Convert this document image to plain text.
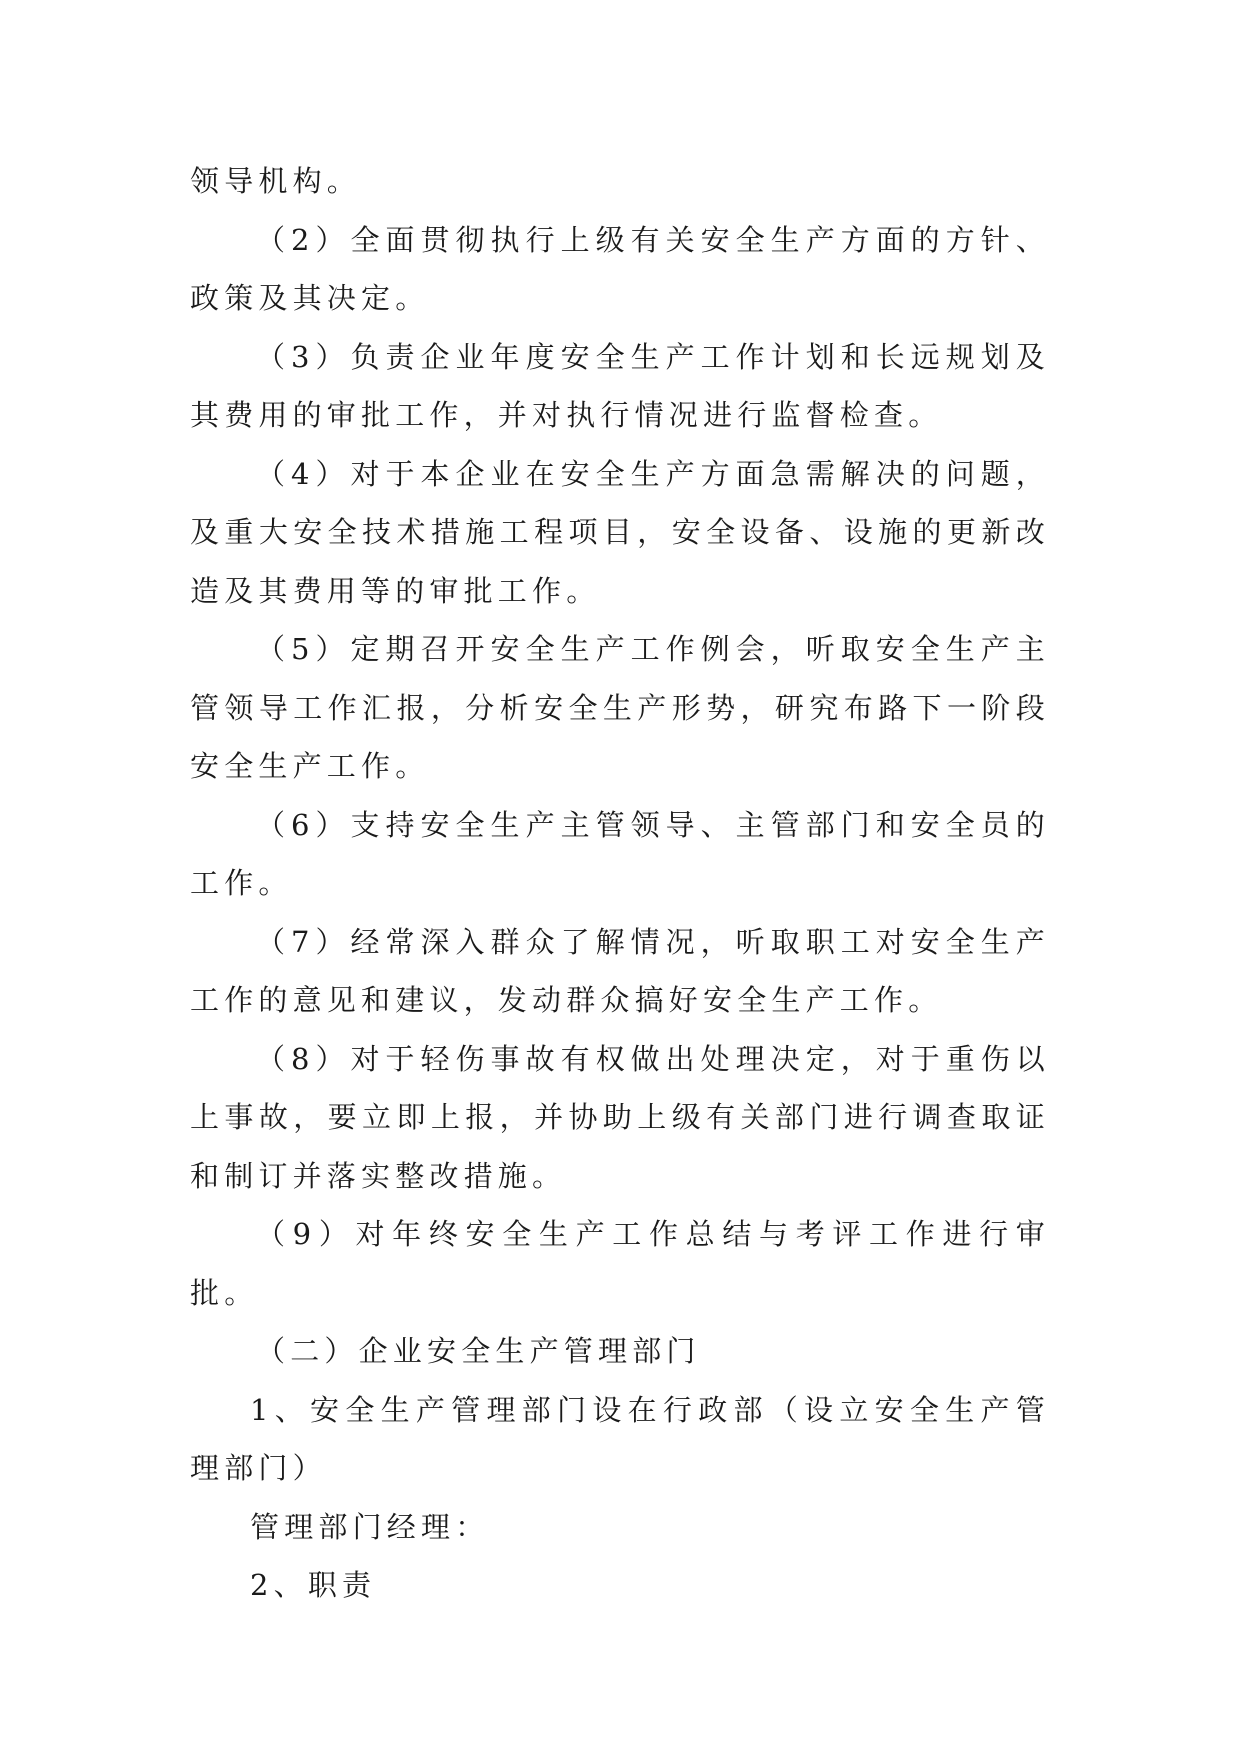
领导机构。

（2）全面贯彻执行上级有关安全生产方面的方针、政策及其决定。

（3）负责企业年度安全生产工作计划和长远规划及其费用的审批工作，并对执行情况进行监督检查。

（4）对于本企业在安全生产方面急需解决的问题，及重大安全技术措施工程项目，安全设备、设施的更新改造及其费用等的审批工作。

（5）定期召开安全生产工作例会，听取安全生产主管领导工作汇报，分析安全生产形势，研究布路下一阶段安全生产工作。

（6）支持安全生产主管领导、主管部门和安全员的工作。

（7）经常深入群众了解情况，听取职工对安全生产工作的意见和建议，发动群众搞好安全生产工作。

（8）对于轻伤事故有权做出处理决定，对于重伤以上事故，要立即上报，并协助上级有关部门进行调查取证和制订并落实整改措施。

（9）对年终安全生产工作总结与考评工作进行审批。

（二）企业安全生产管理部门

1、安全生产管理部门设在行政部（设立安全生产管理部门）

管理部门经理：

2、职责
